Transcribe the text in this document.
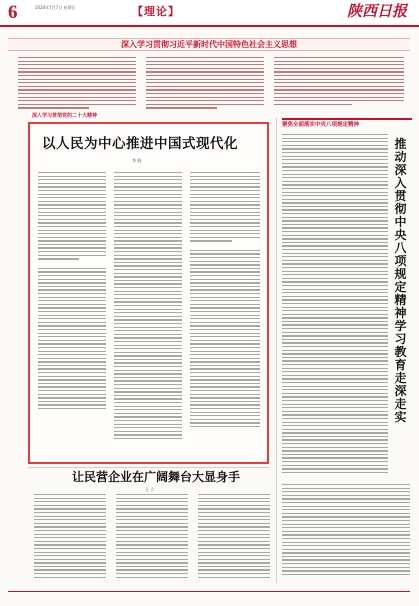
6	2024年7月7日 星期日	【理论】	陕西日报
深入学习贯彻习近平新时代中国特色社会主义思想
深入学习贯彻党的二十大精神
以人民为中心推进中国式现代化
李 晓
聚焦全面落实中央八项规定精神
推动深入贯彻中央八项规定精神学习教育走深走实
让民营企业在广阔舞台大显身手
王 立
